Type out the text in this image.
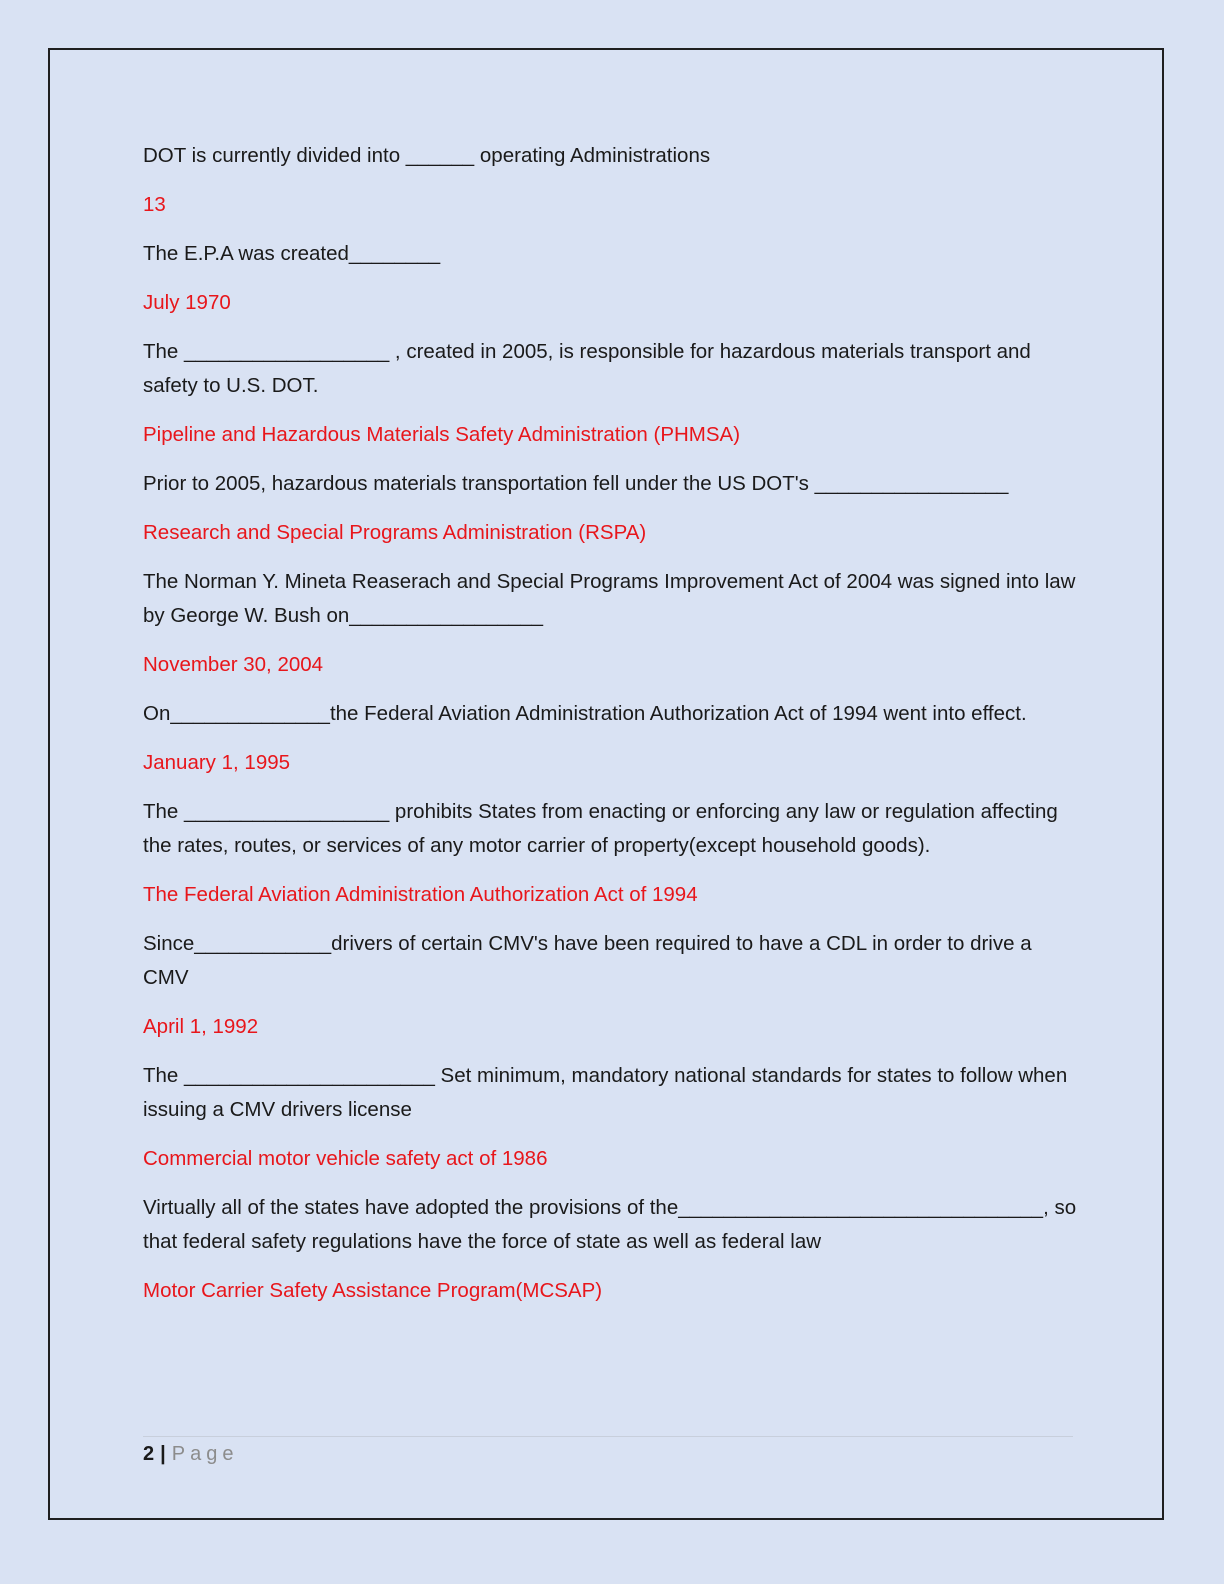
DOT is currently divided into ______ operating Administrations

13

The E.P.A was created________

July 1970

The __________________ , created in 2005, is responsible for hazardous materials transport and safety to U.S. DOT.

Pipeline and Hazardous Materials Safety Administration (PHMSA)

Prior to 2005, hazardous materials transportation fell under the US DOT's _________________

Research and Special Programs Administration (RSPA)

The Norman Y. Mineta Reaserach and Special Programs Improvement Act of 2004 was signed into law by George W. Bush on_________________

November 30, 2004

On______________the Federal Aviation Administration Authorization Act of 1994 went into effect.

January 1, 1995

The __________________ prohibits States from enacting or enforcing any law or regulation affecting the rates, routes, or services of any motor carrier of property(except household goods).

The Federal Aviation Administration Authorization Act of 1994

Since____________drivers of certain CMV's have been required to have a CDL in order to drive a CMV

April 1, 1992

The ______________________ Set minimum, mandatory national standards for states to follow when issuing a CMV drivers license

Commercial motor vehicle safety act of 1986

Virtually all of the states have adopted the provisions of the________________________________, so that federal safety regulations have the force of state as well as federal law

Motor Carrier Safety Assistance Program(MCSAP)

2 | Page
